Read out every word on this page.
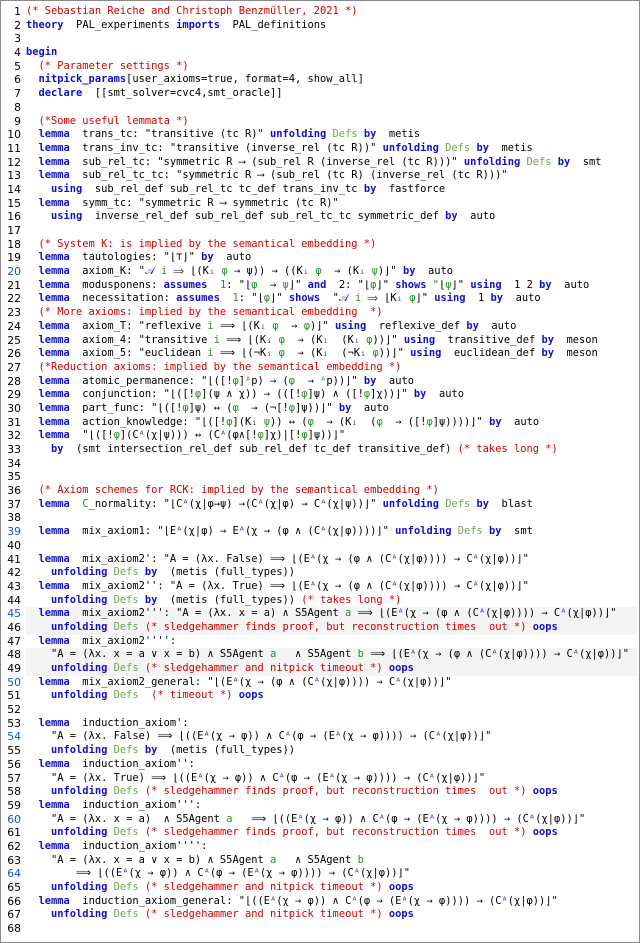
1
2
3
4
5
6
7
8
9
10
11
12
13
14
15
16
17
18
19
20
21
22
23
24
25
26
27
28
29
30
31
32
33
34
35
36
37
38
39
40
41
42
43
44
45
46
47
48
49
50
51
52
53
54
55
56
57
58
59
60
61
62
63
64
65
66
67
68
(* Sebastian Reiche and Christoph Benzmüller, 2021 *)
theory  PAL_experiments imports  PAL_definitions
begin
(* Parameter settings *)
nitpick_params[user_axioms=true, format=4, show_all]
declare  [[smt_solver=cvc4,smt_oracle]]
(*Some useful lemmata *)
lemma  trans_tc: "transitive (tc R)" unfolding Defs by  metis
lemma  trans_inv_tc: "transitive (inverse_rel (tc R))" unfolding Defs by  metis
lemma  sub_rel_tc: "symmetric R ⟶ (sub_rel R (inverse_rel (tc R)))" unfolding Defs by  smt
lemma  sub_rel_tc_tc: "symmetric R ⟶ (sub_rel (tc R) (inverse_rel (tc R)))"
using  sub_rel_def sub_rel_tc tc_def trans_inv_tc by  fastforce
lemma  symm_tc: "symmetric R ⟶ symmetric (tc R)"
using  inverse_rel_def sub_rel_def sub_rel_tc_tc symmetric_def by  auto
(* System K: is implied by the semantical embedding *)
lemma  tautologies: "⌊⊤⌋" by  auto
lemma  axiom_K: "𝒜 i ⟹ ⌊(Kᵢ φ → ψ)) → ((Kᵢ φ  → (Kᵢ ψ)⌋" by  auto
lemma  modusponens: assumes  1: "⌊φ  → ψ⌋" and  2: "⌊φ⌋" shows "⌊ψ⌋" using  1 2 by  auto
lemma  necessitation: assumes  1: "⌊φ⌋" shows  "𝒜 i ⟹ ⌊Kᵢ φ⌋" using  1 by  auto
(* More axioms: implied by the semantical embedding  *)
lemma  axiom_T: "reflexive i ⟹ ⌊(Kᵢ φ  → φ)⌋" using  reflexive_def by  auto
lemma  axiom_4: "transitive i ⟹ ⌊(Kᵢ φ  → (Kᵢ  (Kᵢ φ))⌋" using  transitive_def by  meson
lemma  axiom_5: "euclidean i ⟹ ⌊(¬Kᵢ φ  → (Kᵢ  (¬Kᵢ φ))⌋" using  euclidean_def by  meson
(*Reduction axioms: implied by the semantical embedding *)
lemma  atomic_permanence: "⌊([!φ]ᴬp) → (φ  → ᴬp))⌋" by  auto
lemma  conjunction: "⌊([!φ](ψ ∧ χ)) → (([!φ]ψ) ∧ ([!φ]χ))⌋" by  auto
lemma  part_func: "⌊([!φ]ψ) ↔ (φ  → (¬[!φ]ψ))⌋" by  auto
lemma  action_knowledge: "⌊([!φ](Kᵢ ψ)) ↔ (φ  → (Kᵢ  (φ  → ([!φ]ψ))))⌋" by  auto
lemma  "⌊([!φ](Cᴬ(χ|ψ))) ↔ (Cᴬ(φ∧[!φ]χ)|[!φ]ψ))⌋"
by  (smt intersection_rel_def sub_rel_def tc_def transitive_def) (* takes long *)
(* Axiom schemes for RCK: implied by the semantical embedding *)
lemma C_normality: "⌊Cᴬ(χ|φ→ψ) →(Cᴬ(χ|φ) → Cᴬ(χ|ψ))⌋" unfolding Defs by  blast
lemma  mix_axiom1: "⌊Eᴬ(χ|φ) → Eᴬ(χ → (φ ∧ (Cᴬ(χ|φ))))⌋" unfolding Defs by  smt
lemma  mix_axiom2': "A = (λx. False) ⟹ ⌊(Eᴬ(χ → (φ ∧ (Cᴬ(χ|φ)))) → Cᴬ(χ|φ))⌋"
unfolding Defs by  (metis (full_types))
lemma  mix_axiom2'': "A = (λx. True) ⟹ ⌊(Eᴬ(χ → (φ ∧ (Cᴬ(χ|φ)))) → Cᴬ(χ|φ))⌋"
unfolding Defs by  (metis (full_types)) (* takes long *)
lemma  mix_axiom2''': "A = (λx. x = a) ∧ S5Agent a ⟹ ⌊(Eᴬ(χ → (φ ∧ (Cᴬ(χ|φ)))) → Cᴬ(χ|φ))⌋"
unfolding Defs (* sledgehammer finds proof, but reconstruction times  out *) oops
lemma  mix_axiom2'''':
"A = (λx. x = a ∨ x = b) ∧ S5Agent a   ∧ S5Agent b ⟹ ⌊(Eᴬ(χ → (φ ∧ (Cᴬ(χ|φ)))) → Cᴬ(χ|φ))⌋"
unfolding Defs (* sledgehammer and nitpick timeout *) oops
lemma  mix_axiom2_general: "⌊(Eᴬ(χ → (φ ∧ (Cᴬ(χ|φ)))) → Cᴬ(χ|φ))⌋"
unfolding Defs  (* timeout *) oops
lemma  induction_axiom':
"A = (λx. False) ⟹ ⌊((Eᴬ(χ → φ)) ∧ Cᴬ(φ → (Eᴬ(χ → φ)))) → (Cᴬ(χ|φ))⌋"
unfolding Defs by  (metis (full_types))
lemma  induction_axiom'':
"A = (λx. True) ⟹ ⌊((Eᴬ(χ → φ)) ∧ Cᴬ(φ → (Eᴬ(χ → φ)))) → (Cᴬ(χ|φ))⌋"
unfolding Defs (* sledgehammer finds proof, but reconstruction times  out *) oops
lemma  induction_axiom''':
"A = (λx. x = a)  ∧ S5Agent a   ⟹ ⌊((Eᴬ(χ → φ)) ∧ Cᴬ(φ → (Eᴬ(χ → φ)))) → (Cᴬ(χ|φ))⌋"
unfolding Defs (* sledgehammer finds proof, but reconstruction times  out *) oops
lemma  induction_axiom'''':
"A = (λx. x = a ∨ x = b) ∧ S5Agent a   ∧ S5Agent b
⟹ ⌊((Eᴬ(χ → φ)) ∧ Cᴬ(φ → (Eᴬ(χ → φ)))) → (Cᴬ(χ|φ))⌋"
unfolding Defs (* sledgehammer and nitpick timeout *) oops
lemma  induction_axiom_general: "⌊((Eᴬ(χ → φ)) ∧ Cᴬ(φ → (Eᴬ(χ → φ)))) → (Cᴬ(χ|φ))⌋"
unfolding Defs (* sledgehammer and nitpick timeout *) oops
